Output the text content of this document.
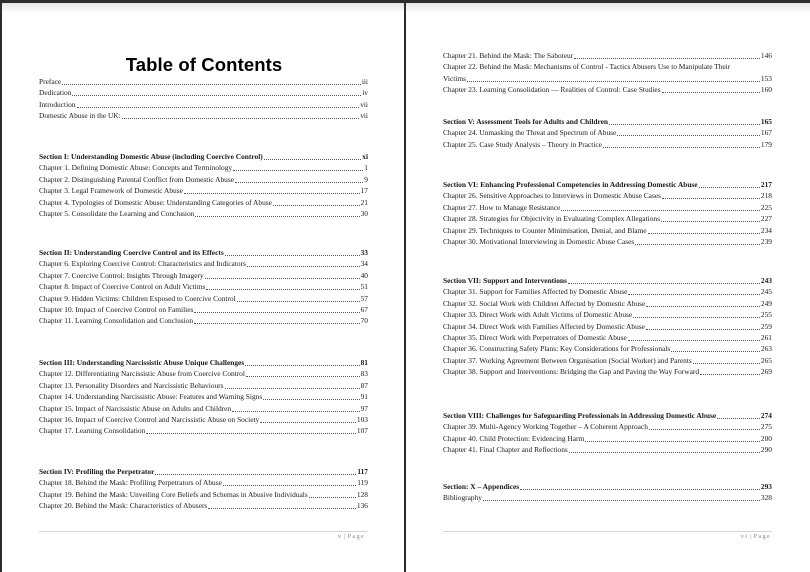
Table of Contents
Preface	iii
Dedication	iv
Introduction	vii
Domestic Abuse in the UK:	vii
Section I: Understanding Domestic Abuse (including Coercive Control)	xi
Chapter 1. Defining Domestic Abuse: Concepts and Terminology	1
Chapter 2. Distinguishing Parental Conflict from Domestic Abuse	9
Chapter 3. Legal Framework of Domestic Abuse	17
Chapter 4. Typologies of Domestic Abuse: Understanding Categories of Abuse	21
Chapter 5. Consolidate the Learning and Conclusion	30
Section II: Understanding Coercive Control and its Effects	33
Chapter 6. Exploring Coercive Control: Characteristics and Indicators	34
Chapter 7. Coercive Control: Insights Through Imagery	40
Chapter 8. Impact of Coercive Control on Adult Victims	51
Chapter 9. Hidden Victims: Children Exposed to Coercive Control	57
Chapter 10. Impact of Coercive Control on Families	67
Chapter 11. Learning Consolidation and Conclusion	70
Section III: Understanding Narcissistic Abuse Unique Challenges	81
Chapter 12. Differentiating Narcissistic Abuse from Coercive Control	83
Chapter 13. Personality Disorders and Narcissistic Behaviours	87
Chapter 14. Understanding Narcissistic Abuse: Features and Warning Signs	91
Chapter 15. Impact of Narcissistic Abuse on Adults and Children	97
Chapter 16. Impact of Coercive Control and Narcissistic Abuse on Society	103
Chapter 17. Learning Consolidation	107
Section IV: Profiling the Perpetrator	117
Chapter 18. Behind the Mask: Profiling Perpetrators of Abuse	119
Chapter 19. Behind the Mask: Unveiling Core Beliefs and Schemas in Abusive Individuals	128
Chapter 20. Behind the Mask: Characteristics of Abusers	136
v | Page
Chapter 21. Behind the Mask: The Saboteur	146
Chapter 22. Behind the Mask: Mechanisms of Control - Tactics Abusers Use to Manipulate Their
Victims	153
Chapter 23. Learning Consolidation — Realities of Control: Case Studies	160
Section V: Assessment Tools for Adults and Children	165
Chapter 24. Unmasking the Threat and Spectrum of Abuse	167
Chapter 25. Case Study Analysis – Theory in Practice	179
Section VI: Enhancing Professional Competencies in Addressing Domestic Abuse	217
Chapter 26. Sensitive Approaches to Interviews in Domestic Abuse Cases	218
Chapter 27. How to Manage Resistance	225
Chapter 28. Strategies for Objectivity in Evaluating Complex Allegations	227
Chapter 29. Techniques to Counter Minimisation, Denial, and Blame	234
Chapter 30. Motivational Interviewing in Domestic Abuse Cases	239
Section VII: Support and Interventions	243
Chapter 31. Support for Families Affected by Domestic Abuse	245
Chapter 32. Social Work with Children Affected by Domestic Abuse	249
Chapter 33. Direct Work with Adult Victims of Domestic Abuse	255
Chapter 34. Direct Work with Families Affected by Domestic Abuse	259
Chapter 35. Direct Work with Perpetrators of Domestic Abuse	261
Chapter 36. Constructing Safety Plans: Key Considerations for Professionals	263
Chapter 37. Working Agreement Between Organisation (Social Worker) and Parents	265
Chapter 38. Support and Interventions: Bridging the Gap and Paving the Way Forward	269
Section VIII: Challenges for Safeguarding Professionals in Addressing Domestic Abuse	274
Chapter 39. Multi-Agency Working Together – A Coherent Approach	275
Chapter 40. Child Protection: Evidencing Harm	280
Chapter 41. Final Chapter and Reflections	290
Section: X – Appendices	293
Bibliography	328
vi | Page
